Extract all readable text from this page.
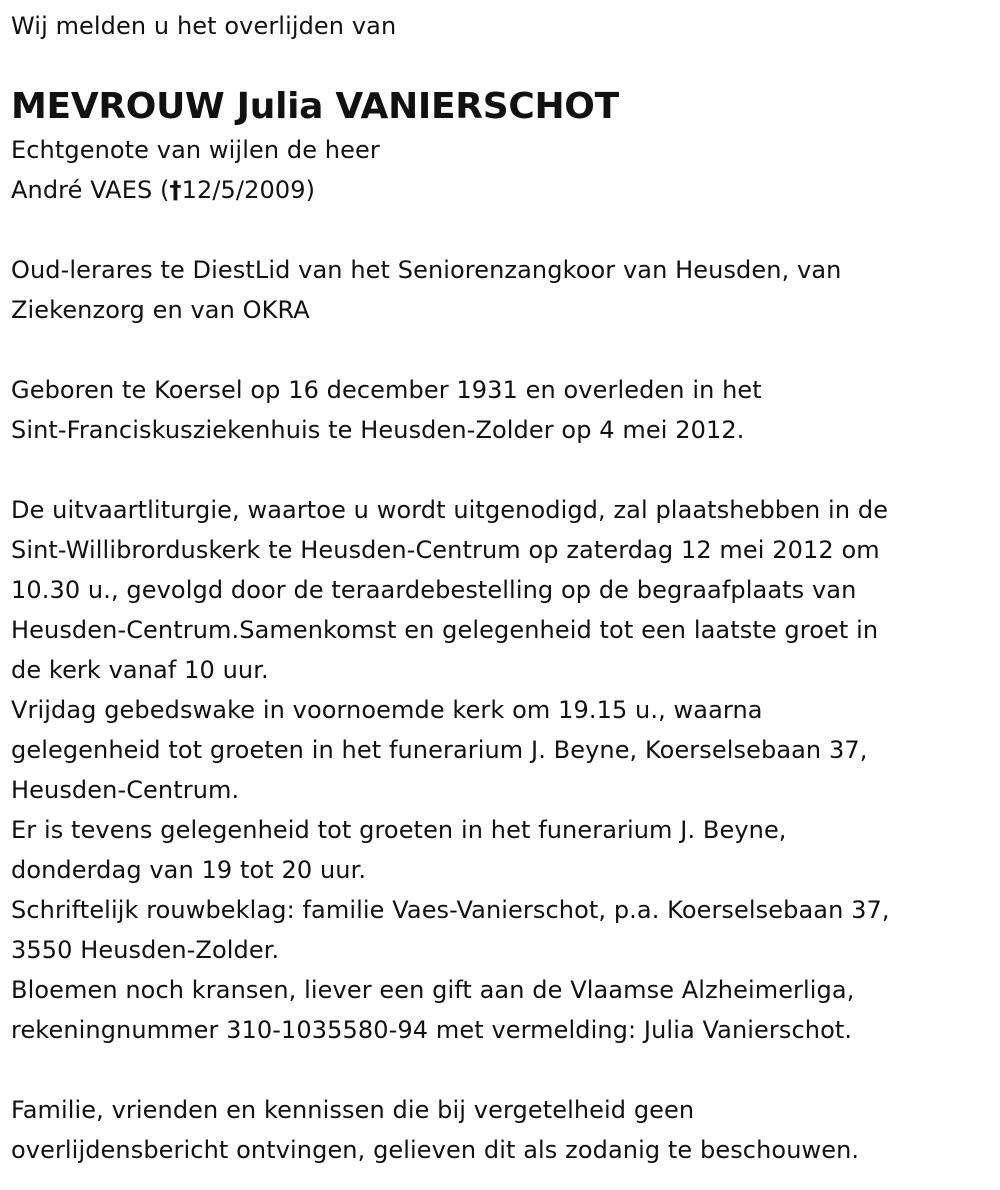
Wij melden u het overlijden van
MEVROUW Julia VANIERSCHOT
Echtgenote van wijlen de heer
André VAES (†12/5/2009)
Oud-lerares te DiestLid van het Seniorenzangkoor van Heusden, van
Ziekenzorg en van OKRA
Geboren te Koersel op 16 december 1931 en overleden in het
Sint-Franciskusziekenhuis te Heusden-Zolder op 4 mei 2012.
De uitvaartliturgie, waartoe u wordt uitgenodigd, zal plaatshebben in de
Sint-Willibrorduskerk te Heusden-Centrum op zaterdag 12 mei 2012 om
10.30 u., gevolgd door de teraardebestelling op de begraafplaats van
Heusden-Centrum.Samenkomst en gelegenheid tot een laatste groet in
de kerk vanaf 10 uur.
Vrijdag gebedswake in voornoemde kerk om 19.15 u., waarna
gelegenheid tot groeten in het funerarium J. Beyne, Koerselsebaan 37,
Heusden-Centrum.
Er is tevens gelegenheid tot groeten in het funerarium J. Beyne,
donderdag van 19 tot 20 uur.
Schriftelijk rouwbeklag: familie Vaes-Vanierschot, p.a. Koerselsebaan 37,
3550 Heusden-Zolder.
Bloemen noch kransen, liever een gift aan de Vlaamse Alzheimerliga,
rekeningnummer 310-1035580-94 met vermelding: Julia Vanierschot.
Familie, vrienden en kennissen die bij vergetelheid geen
overlijdensbericht ontvingen, gelieven dit als zodanig te beschouwen.
